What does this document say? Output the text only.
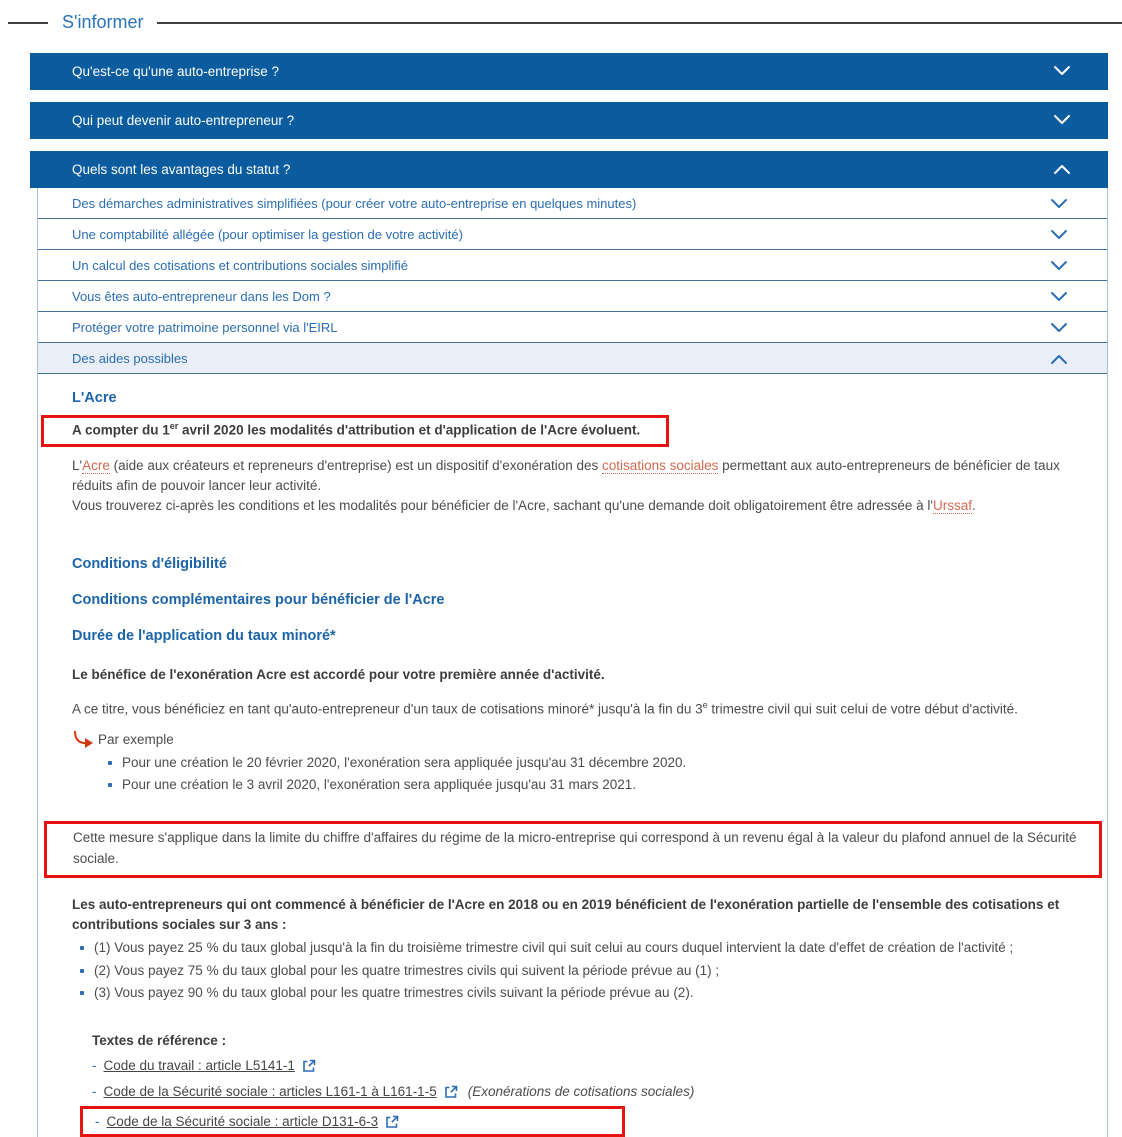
S'informer
Qu'est-ce qu'une auto-entreprise ?
Qui peut devenir auto-entrepreneur ?
Quels sont les avantages du statut ?
Des démarches administratives simplifiées (pour créer votre auto-entreprise en quelques minutes)
Une comptabilité allégée (pour optimiser la gestion de votre activité)
Un calcul des cotisations et contributions sociales simplifié
Vous êtes auto-entrepreneur dans les Dom ?
Protéger votre patrimoine personnel via l'EIRL
Des aides possibles
L'Acre
A compter du 1er avril 2020 les modalités d'attribution et d'application de l'Acre évoluent.

L'Acre (aide aux créateurs et repreneurs d'entreprise) est un dispositif d'exonération des cotisations sociales permettant aux auto-entrepreneurs de bénéficier de taux réduits afin de pouvoir lancer leur activité.
Vous trouverez ci-après les conditions et les modalités pour bénéficier de l'Acre, sachant qu'une demande doit obligatoirement être adressée à l'Urssaf.

Conditions d'éligibilité
Conditions complémentaires pour bénéficier de l'Acre
Durée de l'application du taux minoré*

Le bénéfice de l'exonération Acre est accordé pour votre première année d'activité.

A ce titre, vous bénéficiez en tant qu'auto-entrepreneur d'un taux de cotisations minoré* jusqu'à la fin du 3e trimestre civil qui suit celui de votre début d'activité.

Par exemple
Pour une création le 20 février 2020, l'exonération sera appliquée jusqu'au 31 décembre 2020.
Pour une création le 3 avril 2020, l'exonération sera appliquée jusqu'au 31 mars 2021.
Cette mesure s'applique dans la limite du chiffre d'affaires du régime de la micro-entreprise qui correspond à un revenu égal à la valeur du plafond annuel de la Sécurité sociale.

Les auto-entrepreneurs qui ont commencé à bénéficier de l'Acre en 2018 ou en 2019 bénéficient de l'exonération partielle de l'ensemble des cotisations et contributions sociales sur 3 ans :

(1) Vous payez 25 % du taux global jusqu'à la fin du troisième trimestre civil qui suit celui au cours duquel intervient la date d'effet de création de l'activité ;
(2) Vous payez 75 % du taux global pour les quatre trimestres civils qui suivent la période prévue au (1) ;
(3) Vous payez 90 % du taux global pour les quatre trimestres civils suivant la période prévue au (2).
Textes de référence :
- Code du travail : article L5141-1
- Code de la Sécurité sociale : articles L161-1 à L161-1-5 (Exonérations de cotisations sociales)
- Code de la Sécurité sociale : article D131-6-3
